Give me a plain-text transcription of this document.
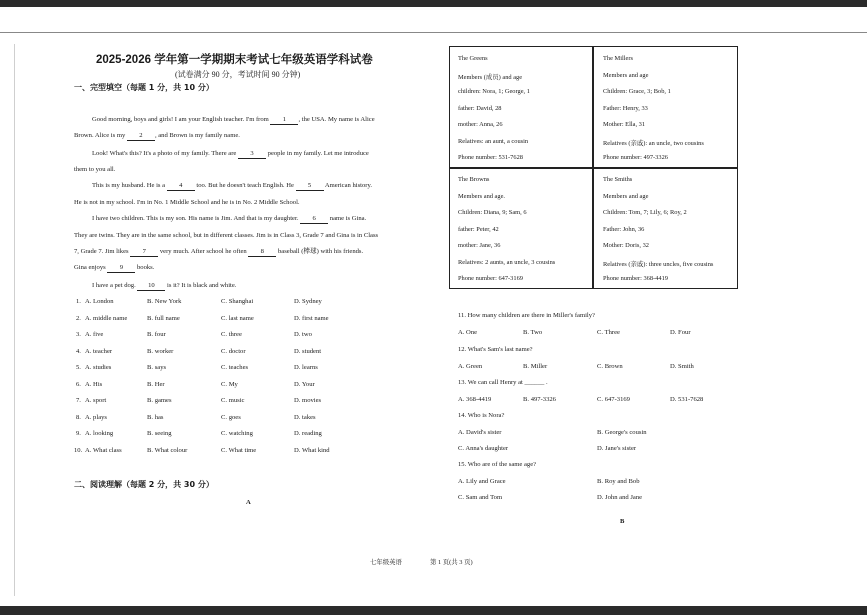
2025-2026 学年第一学期期末考试七年级英语学科试卷
(试卷满分 90 分，考试时间 90 分钟)
一、完型填空（每题 1 分，共 10 分）
Good morning, boys and girls! I am your English teacher. I'm from 1 , the USA. My name is Alice
Brown. Alice is my 2 , and Brown is my family name.
Look! What's this? It's a photo of my family. There are 3 people in my family. Let me introduce
them to you all.
This is my husband. He is a 4 too. But he doesn't teach English. He 5 American history.
He is not in my school. I'm in No. 1 Middle School and he is in No. 2 Middle School.
I have two children. This is my son. His name is Jim. And that is my daughter. 6 name is Gina.
They are twins. They are in the same school, but in different classes. Jim is in Class 3, Grade 7 and Gina is in Class
7, Grade 7. Jim likes 7 very much. After school he often 8 baseball (棒球) with his friends.
Gina enjoys 9 books.
I have a pet dog. 10 is it? It is black and white.
1. A. London	B. New York	C. Shanghai	D. Sydney
2. A. middle name	B. full name	C. last name	D. first name
3. A. five	B. four	C. three	D. two
4. A. teacher	B. worker	C. doctor	D. student
5. A. studies	B. says	C. teaches	D. learns
6. A. His	B. Her	C. My	D. Your
7. A. sport	B. games	C. music	D. movies
8. A. plays	B. has	C. goes	D. takes
9. A. looking	B. seeing	C. watching	D. reading
10. A. What class	B. What colour	C. What time	D. What kind
二、阅读理解（每题 2 分，共 30 分）
A
The Greens
Members (成员) and age
children: Nora, 1; George, 1
father: David, 28
mother: Anna, 26
Relatives: an aunt, a cousin
Phone number: 531-7628
The Millers
Members and age
Children: Grace, 3; Bob, 1
Father: Henry, 33
Mother: Ella, 31
Relatives (亲戚): an uncle, two cousins
Phone number: 497-3326
The Browns
Members and age.
Children: Diana, 9; Sam, 6
father: Peter, 42
mother: Jane, 36
Relatives: 2 aunts, an uncle, 3 cousins
Phone number: 647-3169
The Smiths
Members and age
Children: Tom, 7; Lily, 6; Roy, 2
Father: John, 36
Mother: Doris, 32
Relatives (亲戚): three uncles, five cousins
Phone number: 368-4419
11. How many children are there in Miller's family?
A. One	B. Two	C. Three	D. Four
12. What's Sam's last name?
A. Green	B. Miller	C. Brown	D. Smith
13. We can call Henry at ______ .
A. 368-4419	B. 497-3326	C. 647-3169	D. 531-7628
14. Who is Nora?
A. David's sister	B. George's cousin
C. Anna's daughter	D. Jane's sister
15. Who are of the same age?
A. Lily and Grace	B. Roy and Bob
C. Sam and Tom	D. John and Jane
B
七年级英语	第 1 页(共 3 页)
